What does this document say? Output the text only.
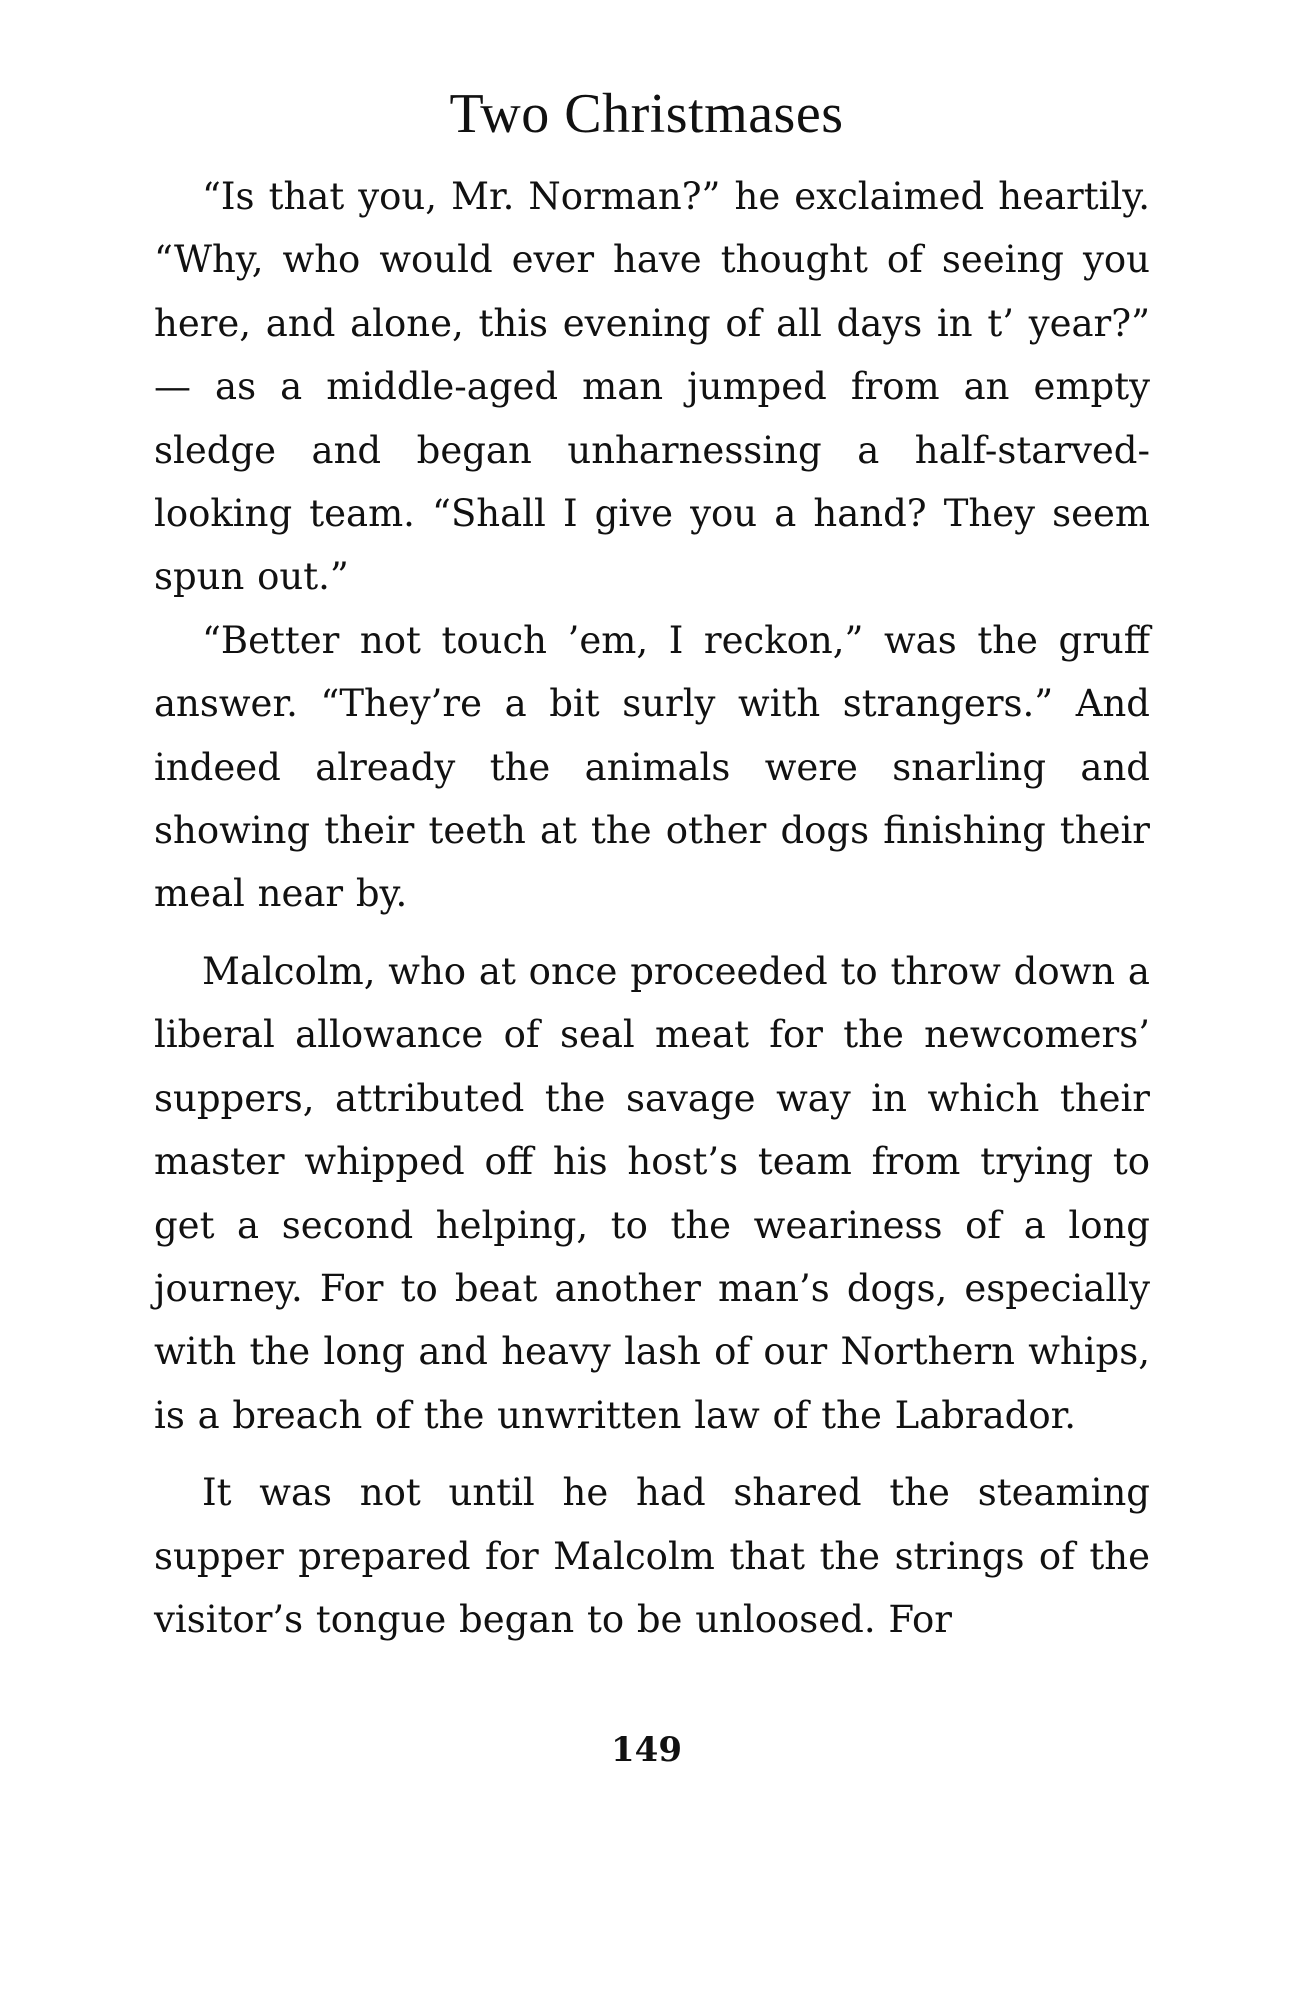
Two Christmases

“Is that you, Mr. Norman?” he exclaimed heartily. “Why, who would ever have thought of seeing you here, and alone, this evening of all days in t’ year?” — as a middle-aged man jumped from an empty sledge and began unharnessing a half-starved-looking team. “Shall I give you a hand? They seem spun out.”

“Better not touch ’em, I reckon,” was the gruff answer. “They’re a bit surly with strangers.” And indeed already the animals were snarling and showing their teeth at the other dogs finishing their meal near by.

Malcolm, who at once proceeded to throw down a liberal allowance of seal meat for the newcomers’ suppers, attributed the savage way in which their master whipped off his host’s team from trying to get a second helping, to the weariness of a long journey. For to beat another man’s dogs, especially with the long and heavy lash of our Northern whips, is a breach of the unwritten law of the Labrador.

It was not until he had shared the steaming supper prepared for Malcolm that the strings of the visitor’s tongue began to be unloosed. For

149
